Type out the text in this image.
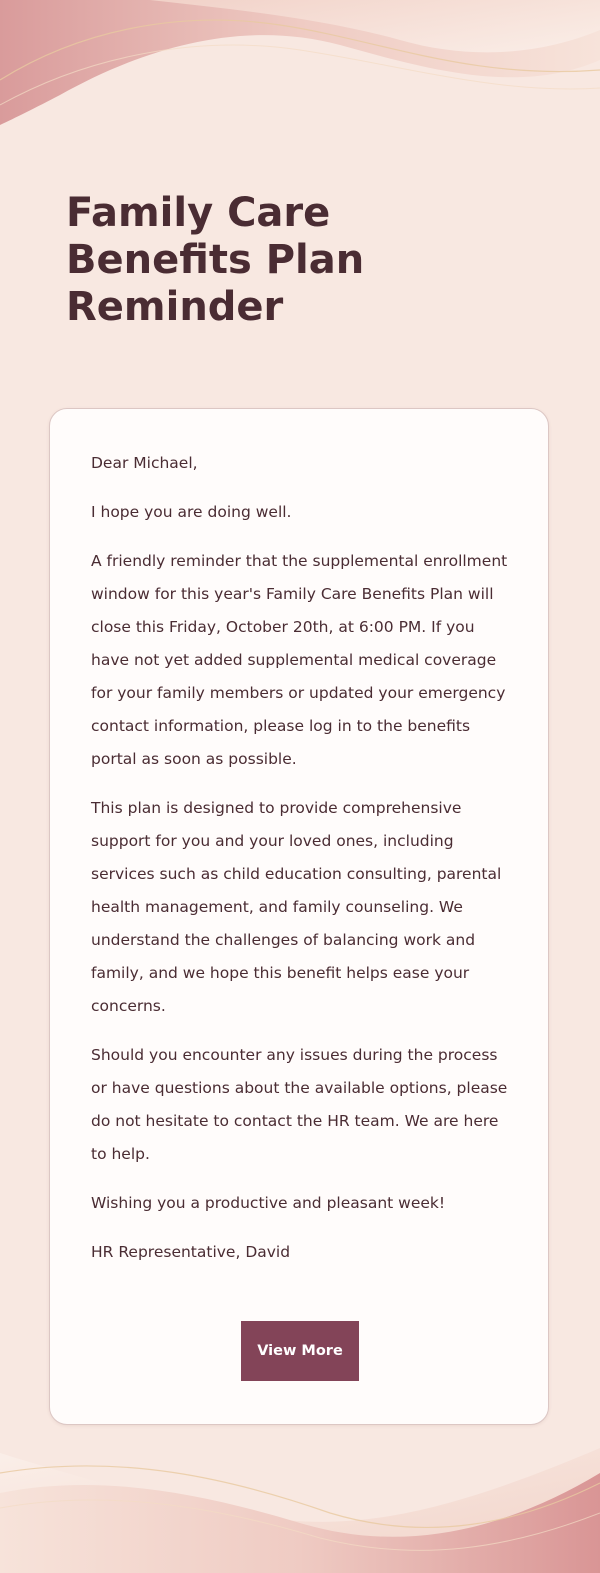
Family Care Benefits Plan Reminder

Dear Michael,

I hope you are doing well.

A friendly reminder that the supplemental enrollment window for this year's Family Care Benefits Plan will close this Friday, October 20th, at 6:00 PM. If you have not yet added supplemental medical coverage for your family members or updated your emergency contact information, please log in to the benefits portal as soon as possible.

This plan is designed to provide comprehensive support for you and your loved ones, including services such as child education consulting, parental health management, and family counseling. We understand the challenges of balancing work and family, and we hope this benefit helps ease your concerns.

Should you encounter any issues during the process or have questions about the available options, please do not hesitate to contact the HR team. We are here to help.

Wishing you a productive and pleasant week!

HR Representative, David

View More
